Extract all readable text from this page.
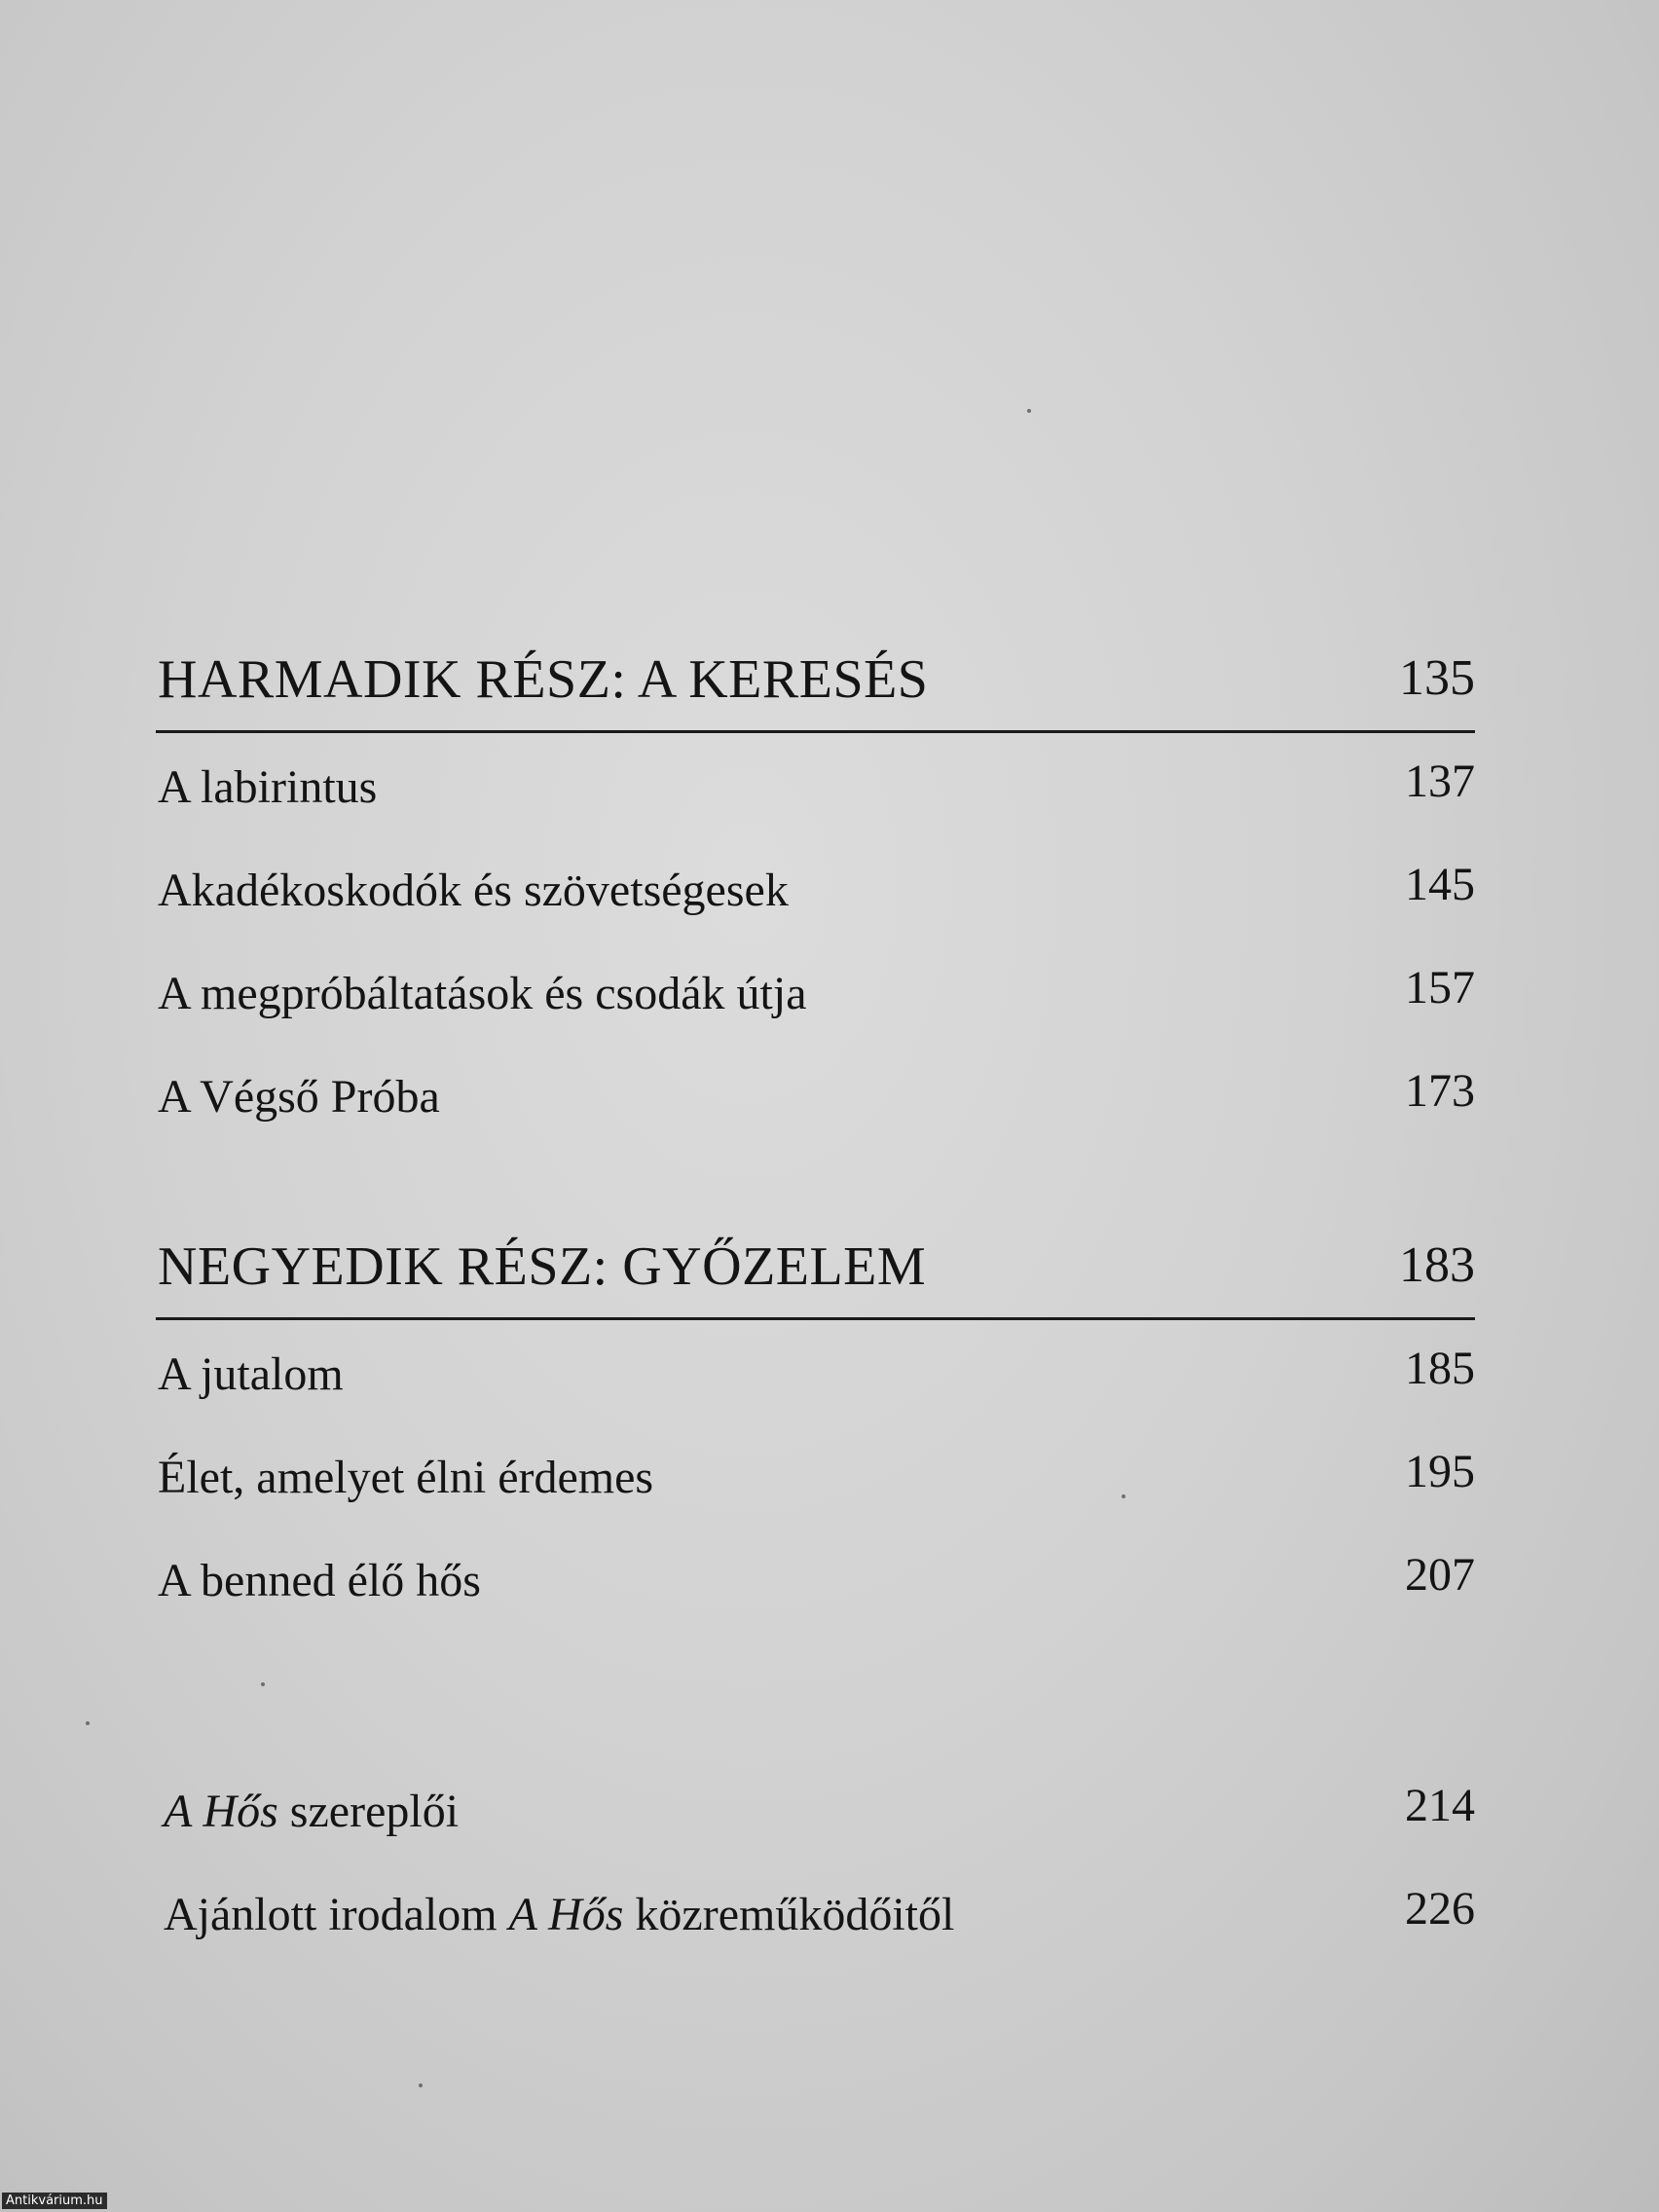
HARMADIK RÉSZ: A KERESÉS	135
A labirintus	137
Akadékoskodók és szövetségesek	145
A megpróbáltatások és csodák útja	157
A Végső Próba	173
NEGYEDIK RÉSZ: GYŐZELEM	183
A jutalom	185
Élet, amelyet élni érdemes	195
A benned élő hős	207
A Hős szereplői	214
Ajánlott irodalom A Hős közreműködőitől	226
Antikvárium.hu
